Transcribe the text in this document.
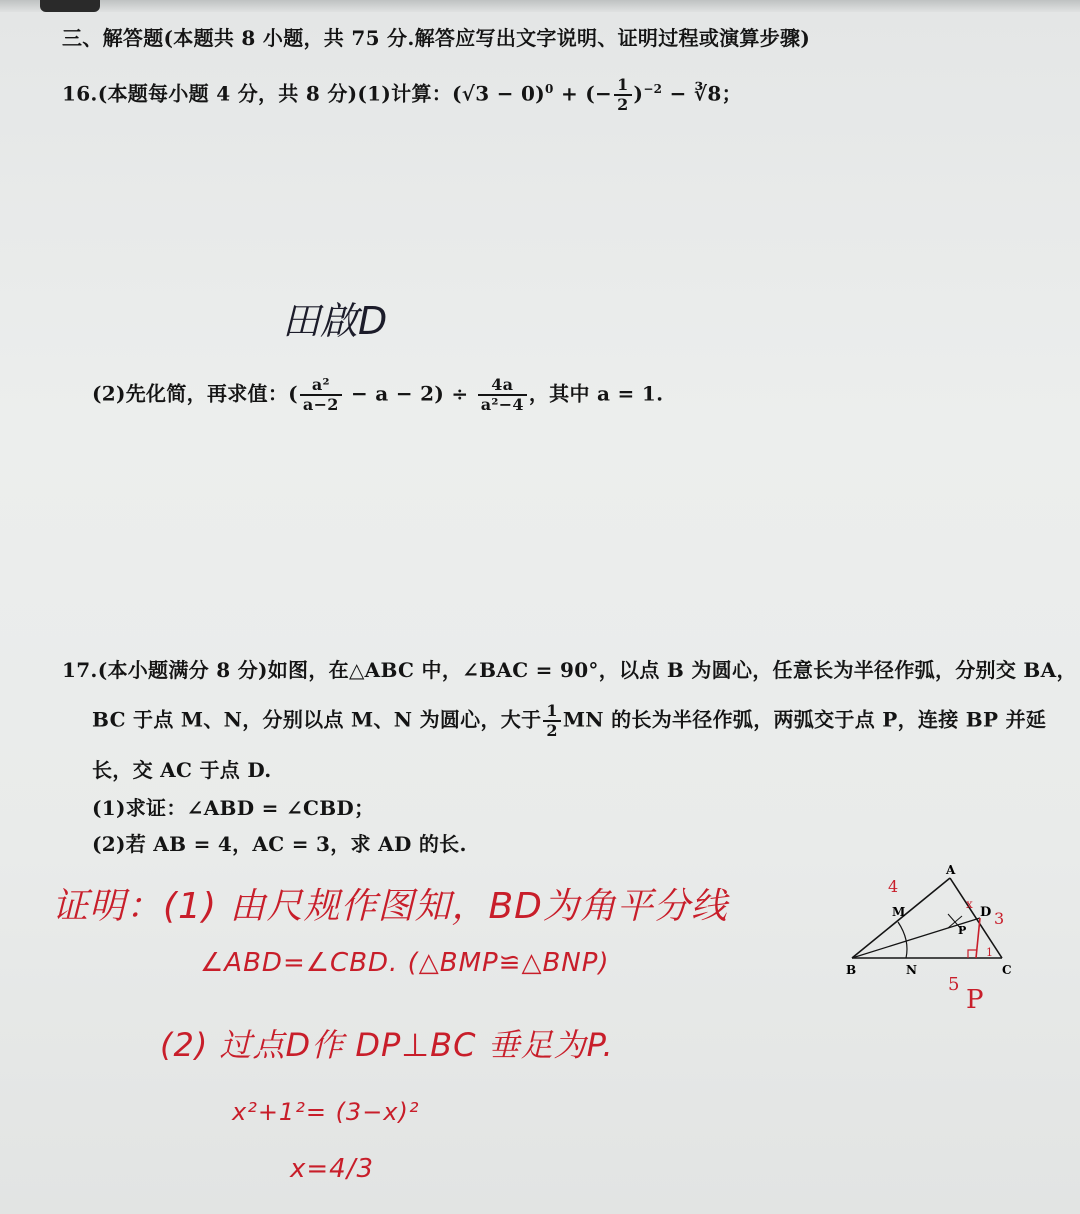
三、解答题(本题共 8 小题，共 75 分.解答应写出文字说明、证明过程或演算步骤)
16.(本题每小题 4 分，共 8 分)(1)计算：$(√3 - 0)^0$ + (− $\frac{1}{2} )^{-2}$ − ∛8；
田啟D
(2)先化简，再求值：( $\frac{\text{a²}}{a-2} - a - 2) \div \frac{4a}{\text{a²−4}}$ ，其中 a = 1.
17.(本小题满分 8 分)如图，在△ABC 中，∠BAC = 90°，以点 B 为圆心，任意长为半径作弧，分别交 BA，
BC 于点 M、N，分别以点 M、N 为圆心，大于 $\frac{1}{2}$ MN 的长为半径作弧，两弧交于点 P，连接 BP 并延
长，交 AC 于点 D.
(1)求证：∠ABD = ∠CBD；
(2)若 AB = 4，AC = 3，求 AD 的长.
证明：(1) 由尺规作图知，BD为角平分线
∠ABD=∠CBD. (△BMP≌△BNP)
(2) 过点D作 DP⊥BC 垂足为P.
x²+1²= (3−x)²
x=4/3
A
B	C
D
M
N
P
4
3
x
5
P
1
